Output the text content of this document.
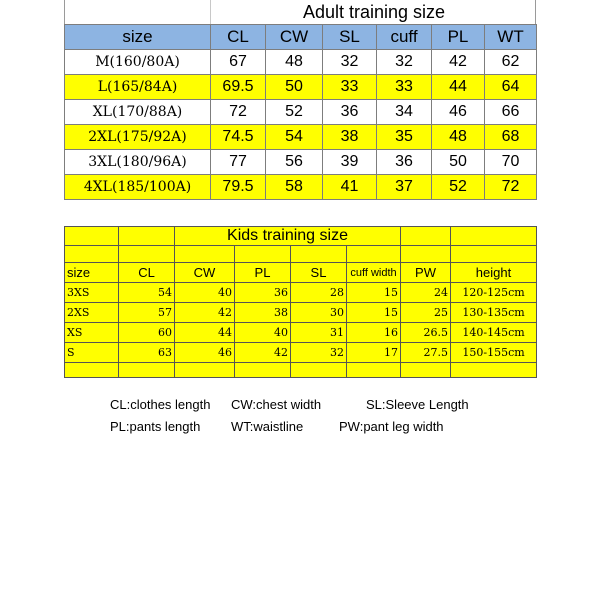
Adult training size
size	CL	CW	SL	cuff	PL	WT
M(160/80A)	67	48	32	32	42	62
L(165/84A)	69.5	50	33	33	44	64
XL(170/88A)	72	52	36	34	46	66
2XL(175/92A)	74.5	54	38	35	48	68
3XL(180/96A)	77	56	39	36	50	70
4XL(185/100A)	79.5	58	41	37	52	72
		Kids training size					

size	CL	CW	PL	SL	cuff width	PW	height
3XS	54	40	36	28	15	24	120-125cm
2XS	57	42	38	30	15	25	130-135cm
XS	60	44	40	31	16	26.5	140-145cm
S	63	46	42	32	17	27.5	150-155cm

CL:clothes length CW:chest width	SL:Sleeve Length
PL:pants length WT:waistline	PW:pant leg width
